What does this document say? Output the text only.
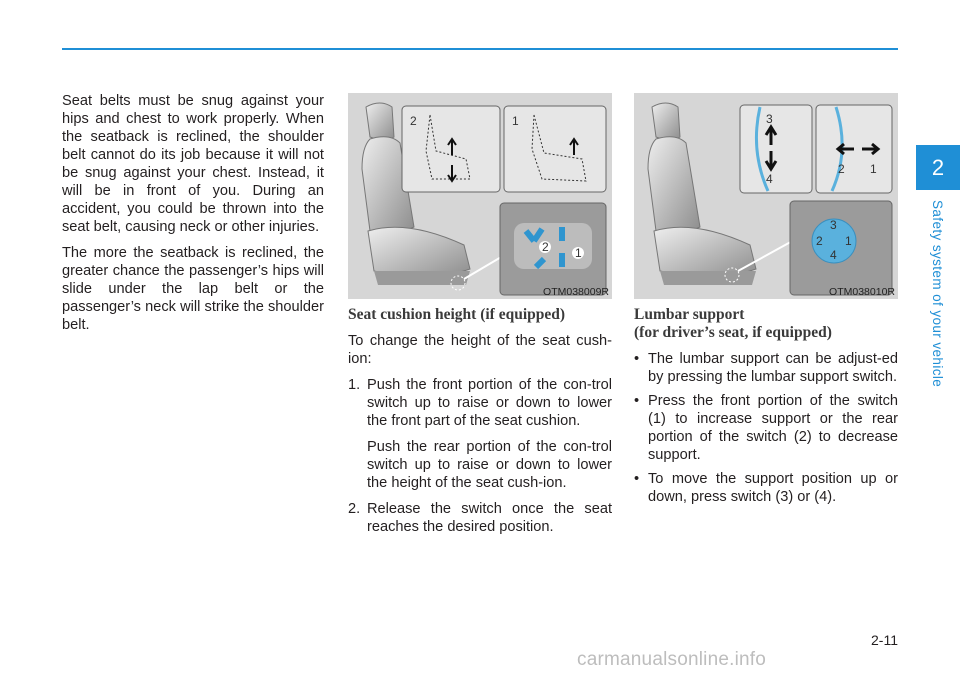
2
Safety system of your vehicle

Seat belts must be snug against your hips and chest to work properly. When the seatback is reclined, the shoulder belt cannot do its job because it will not be snug against your chest. Instead, it will be in front of you. During an accident, you could be thrown into the seat belt, causing neck or other injuries.

The more the seatback is reclined, the greater chance the passenger’s hips will slide under the lap belt or the passenger’s neck will strike the shoulder belt.

2	1
2 1
OTM038009R
3
4
2 1
3
2 1
4
OTM038010R
Seat cushion height (if equipped)

To change the height of the seat cush-ion:

1. Push the front portion of the con-trol switch up to raise or down to lower the front part of the seat cushion.

Push the rear portion of the con-trol switch up to raise or down to lower the height of the seat cush-ion.

2. Release the switch once the seat reaches the desired position.
Lumbar support
(for driver’s seat, if equipped)
• The lumbar support can be adjust-ed by pressing the lumbar support switch.
• Press the front portion of the switch (1) to increase support or the rear portion of the switch (2) to decrease support.
• To move the support position up or down, press switch (3) or (4).
2-11
carmanualsonline.info
